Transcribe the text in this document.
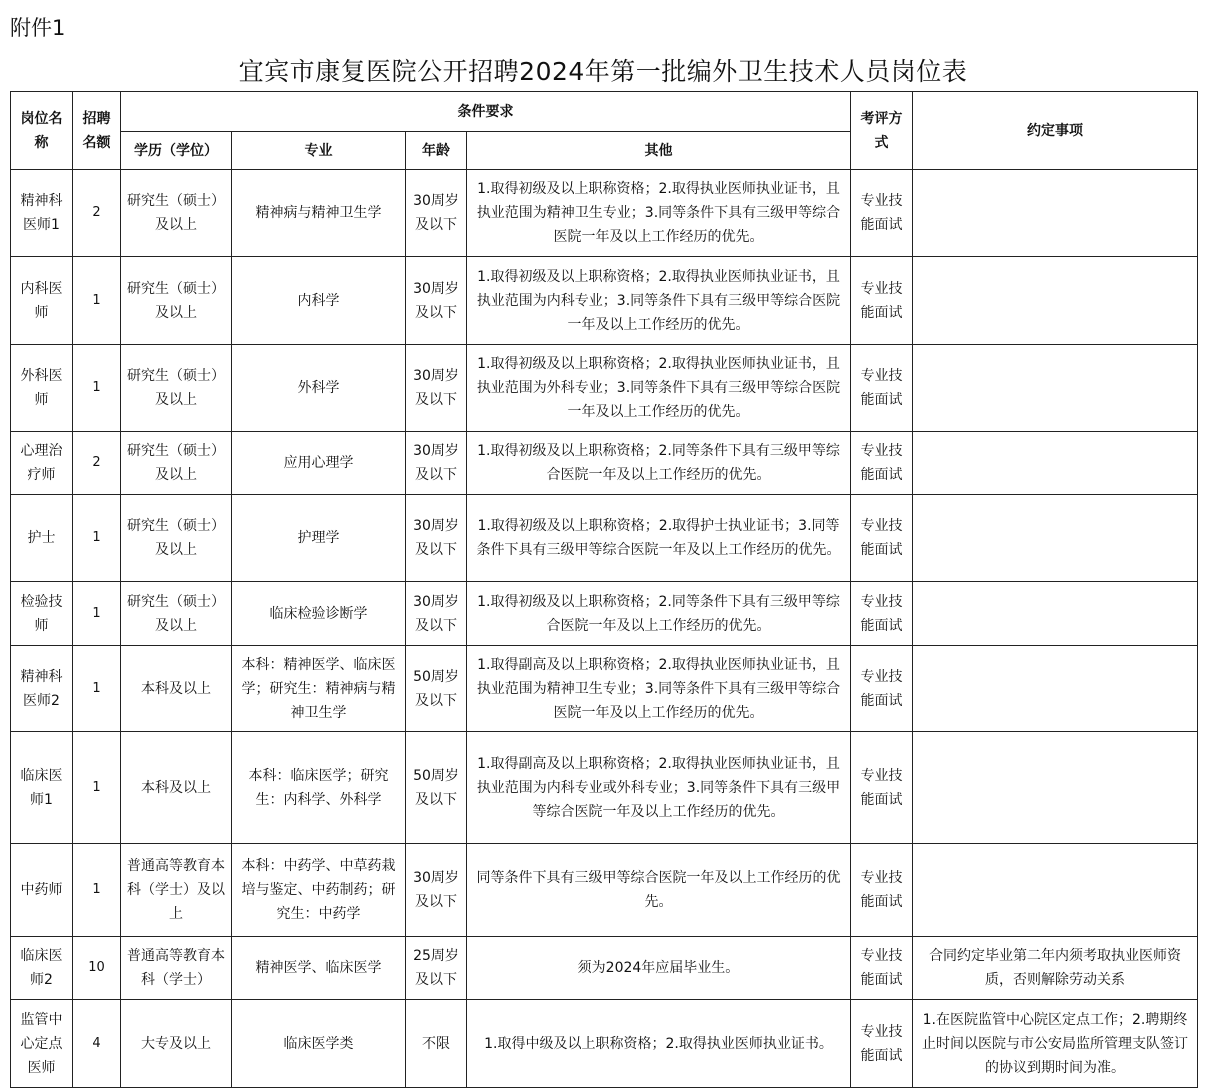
附件1
宜宾市康复医院公开招聘2024年第一批编外卫生技术人员岗位表
岗位名称	招聘名额	条件要求				考评方式	约定事项
		学历（学位）	专业	年龄	其他		
精神科医师1	2	研究生（硕士）及以上	精神病与精神卫生学	30周岁及以下	1.取得初级及以上职称资格；2.取得执业医师执业证书，且执业范围为精神卫生专业；3.同等条件下具有三级甲等综合医院一年及以上工作经历的优先。	专业技能面试	
内科医师	1	研究生（硕士）及以上	内科学	30周岁及以下	1.取得初级及以上职称资格；2.取得执业医师执业证书，且执业范围为内科专业；3.同等条件下具有三级甲等综合医院一年及以上工作经历的优先。	专业技能面试	
外科医师	1	研究生（硕士）及以上	外科学	30周岁及以下	1.取得初级及以上职称资格；2.取得执业医师执业证书，且执业范围为外科专业；3.同等条件下具有三级甲等综合医院一年及以上工作经历的优先。	专业技能面试	
心理治疗师	2	研究生（硕士）及以上	应用心理学	30周岁及以下	1.取得初级及以上职称资格；2.同等条件下具有三级甲等综合医院一年及以上工作经历的优先。	专业技能面试	
护士	1	研究生（硕士）及以上	护理学	30周岁及以下	1.取得初级及以上职称资格；2.取得护士执业证书；3.同等条件下具有三级甲等综合医院一年及以上工作经历的优先。	专业技能面试	
检验技师	1	研究生（硕士）及以上	临床检验诊断学	30周岁及以下	1.取得初级及以上职称资格；2.同等条件下具有三级甲等综合医院一年及以上工作经历的优先。	专业技能面试	
精神科医师2	1	本科及以上	本科：精神医学、临床医学；研究生：精神病与精神卫生学	50周岁及以下	1.取得副高及以上职称资格；2.取得执业医师执业证书，且执业范围为精神卫生专业；3.同等条件下具有三级甲等综合医院一年及以上工作经历的优先。	专业技能面试	
临床医师1	1	本科及以上	本科：临床医学；研究生：内科学、外科学	50周岁及以下	1.取得副高及以上职称资格；2.取得执业医师执业证书，且执业范围为内科专业或外科专业；3.同等条件下具有三级甲等综合医院一年及以上工作经历的优先。	专业技能面试	
中药师	1	普通高等教育本科（学士）及以上	本科：中药学、中草药栽培与鉴定、中药制药；研究生：中药学	30周岁及以下	同等条件下具有三级甲等综合医院一年及以上工作经历的优先。	专业技能面试	
临床医师2	10	普通高等教育本科（学士）	精神医学、临床医学	25周岁及以下	须为2024年应届毕业生。	专业技能面试	合同约定毕业第二年内须考取执业医师资质，否则解除劳动关系
监管中心定点医师	4	大专及以上	临床医学类	不限	1.取得中级及以上职称资格；2.取得执业医师执业证书。	专业技能面试	1.在医院监管中心院区定点工作；2.聘期终止时间以医院与市公安局监所管理支队签订的协议到期时间为准。
